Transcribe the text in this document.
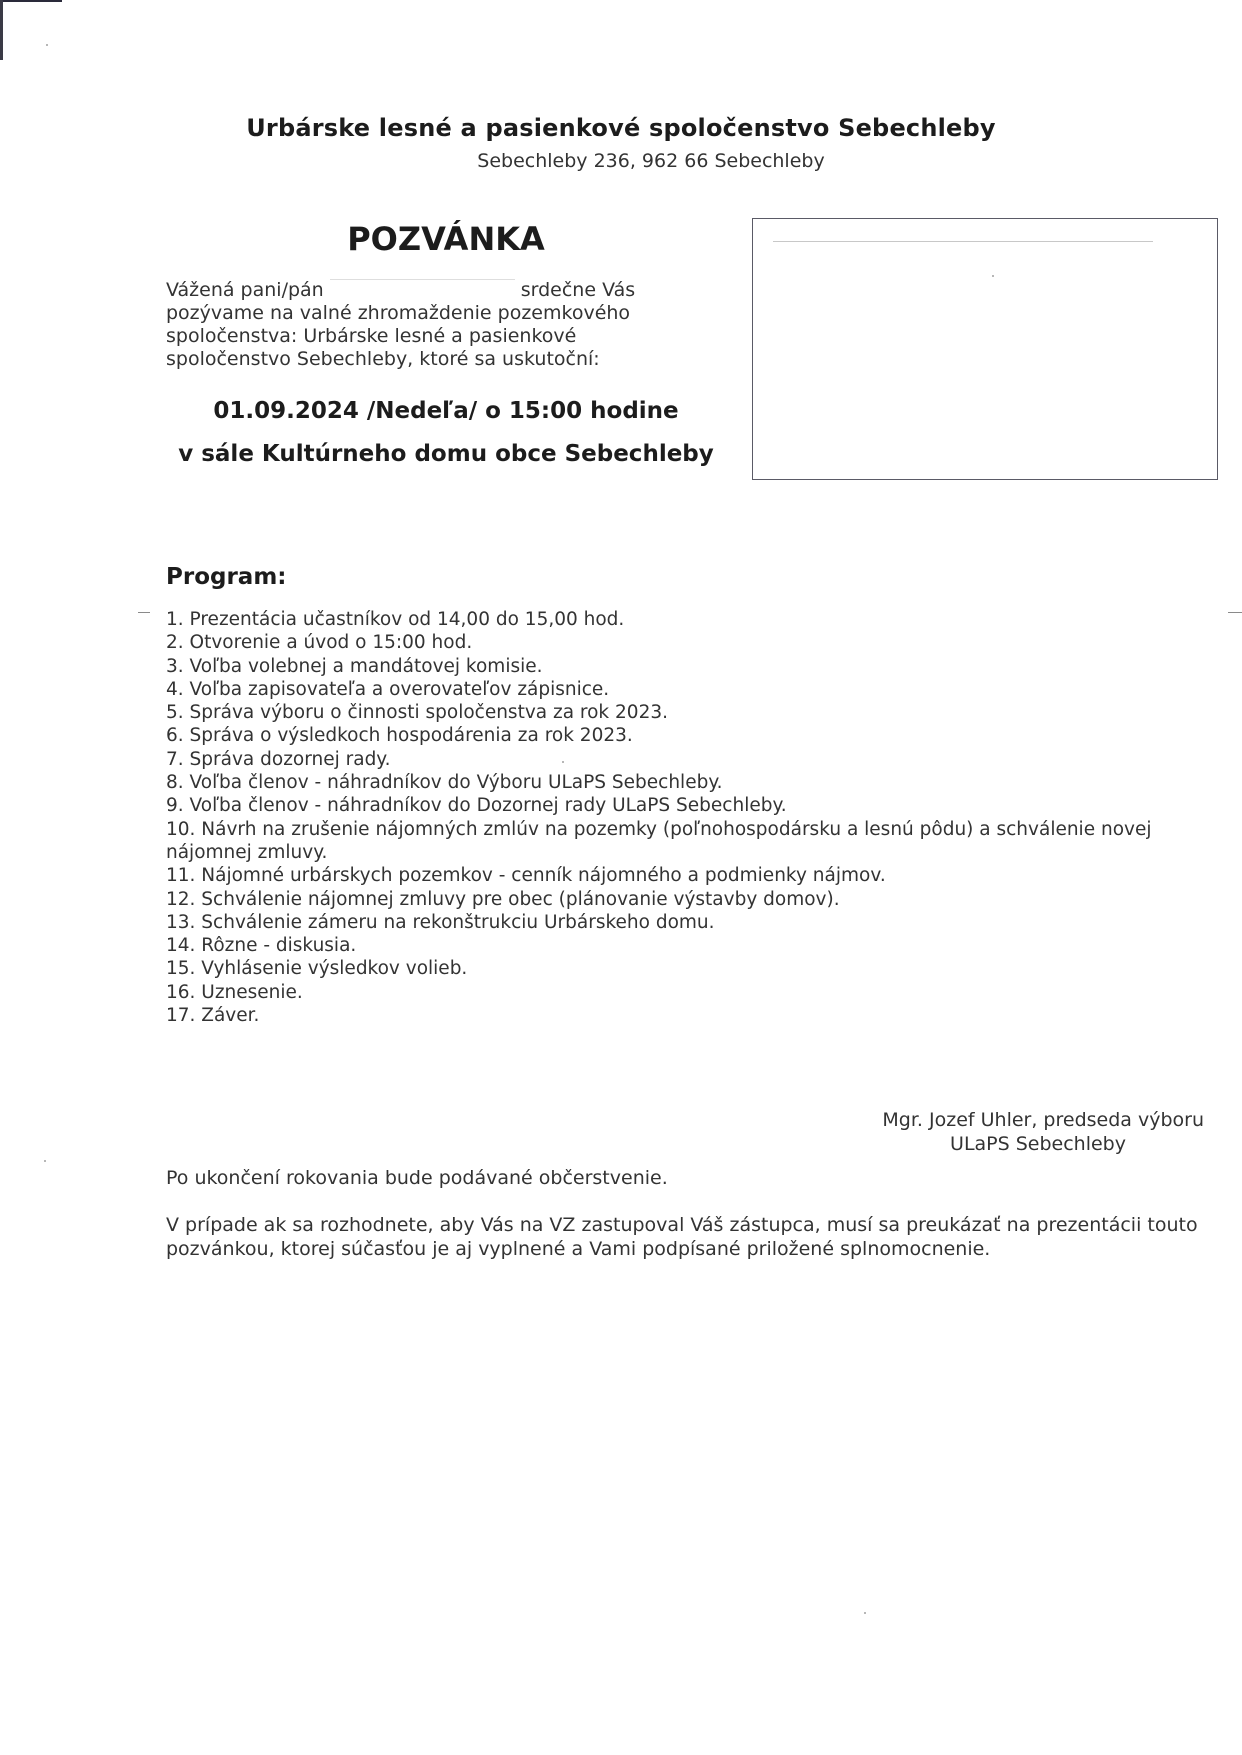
Urbárske lesné a pasienkové spoločenstvo Sebechleby
Sebechleby 236, 962 66 Sebechleby
POZVÁNKA
Vážená pani/pán	srdečne Vás pozývame na valné zhromaždenie pozemkového spoločenstva: Urbárske lesné a pasienkové spoločenstvo Sebechleby, ktoré sa uskutoční:
01.09.2024 /Nedeľa/ o 15:00 hodine
v sále Kultúrneho domu obce Sebechleby
Program:
1. Prezentácia učastníkov od 14,00 do 15,00 hod.
2. Otvorenie a úvod o 15:00 hod.
3. Voľba volebnej a mandátovej komisie.
4. Voľba zapisovateľa a overovateľov zápisnice.
5. Správa výboru o činnosti spoločenstva za rok 2023.
6. Správa o výsledkoch hospodárenia za rok 2023.
7. Správa dozornej rady.
8. Voľba členov - náhradníkov do Výboru ULaPS Sebechleby.
9. Voľba členov - náhradníkov do Dozornej rady ULaPS Sebechleby.
10. Návrh na zrušenie nájomných zmlúv na pozemky (poľnohospodársku a lesnú pôdu) a schválenie novej nájomnej zmluvy.
11. Nájomné urbárskych pozemkov - cenník nájomného a podmienky nájmov.
12. Schválenie nájomnej zmluvy pre obec (plánovanie výstavby domov).
13. Schválenie zámeru na rekonštrukciu Urbárskeho domu.
14. Rôzne - diskusia.
15. Vyhlásenie výsledkov volieb.
16. Uznesenie.
17. Záver.
Mgr. Jozef Uhler, predseda výboru
ULaPS Sebechleby
Po ukončení rokovania bude podávané občerstvenie.
V prípade ak sa rozhodnete, aby Vás na VZ zastupoval Váš zástupca, musí sa preukázať na prezentácii touto pozvánkou, ktorej súčasťou je aj vyplnené a Vami podpísané priložené splnomocnenie.
